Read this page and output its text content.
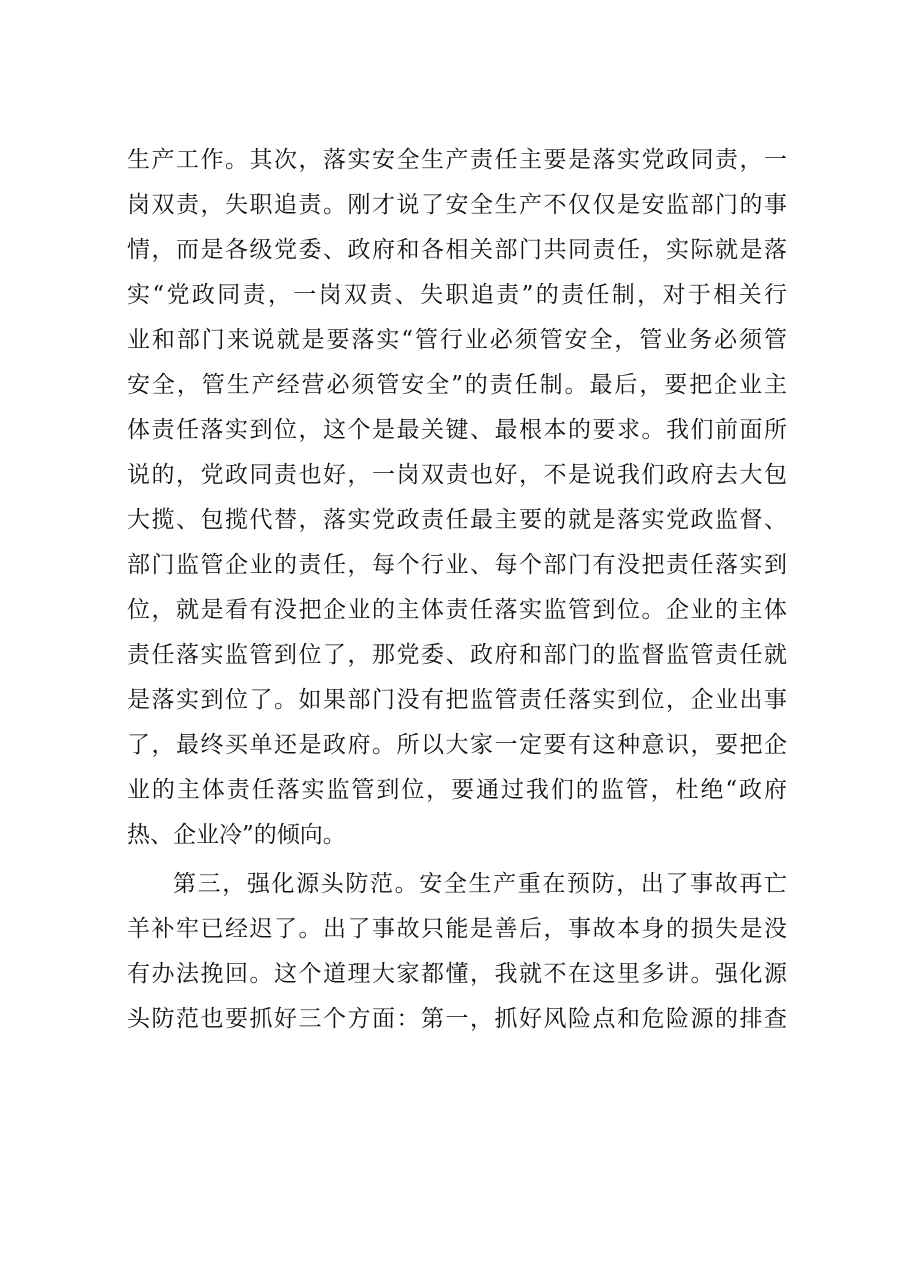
生产工作。其次，落实安全生产责任主要是落实党政同责，一
岗双责，失职追责。刚才说了安全生产不仅仅是安监部门的事
情，而是各级党委、政府和各相关部门共同责任，实际就是落
实“党政同责，一岗双责、失职追责”的责任制，对于相关行
业和部门来说就是要落实“管行业必须管安全，管业务必须管
安全，管生产经营必须管安全”的责任制。最后，要把企业主
体责任落实到位，这个是最关键、最根本的要求。我们前面所
说的，党政同责也好，一岗双责也好，不是说我们政府去大包
大揽、包揽代替，落实党政责任最主要的就是落实党政监督、
部门监管企业的责任，每个行业、每个部门有没把责任落实到
位，就是看有没把企业的主体责任落实监管到位。企业的主体
责任落实监管到位了，那党委、政府和部门的监督监管责任就
是落实到位了。如果部门没有把监管责任落实到位，企业出事
了，最终买单还是政府。所以大家一定要有这种意识，要把企
业的主体责任落实监管到位，要通过我们的监管，杜绝“政府
热、企业冷”的倾向。
第三，强化源头防范。安全生产重在预防，出了事故再亡
羊补牢已经迟了。出了事故只能是善后，事故本身的损失是没
有办法挽回。这个道理大家都懂，我就不在这里多讲。强化源
头防范也要抓好三个方面：第一，抓好风险点和危险源的排查
